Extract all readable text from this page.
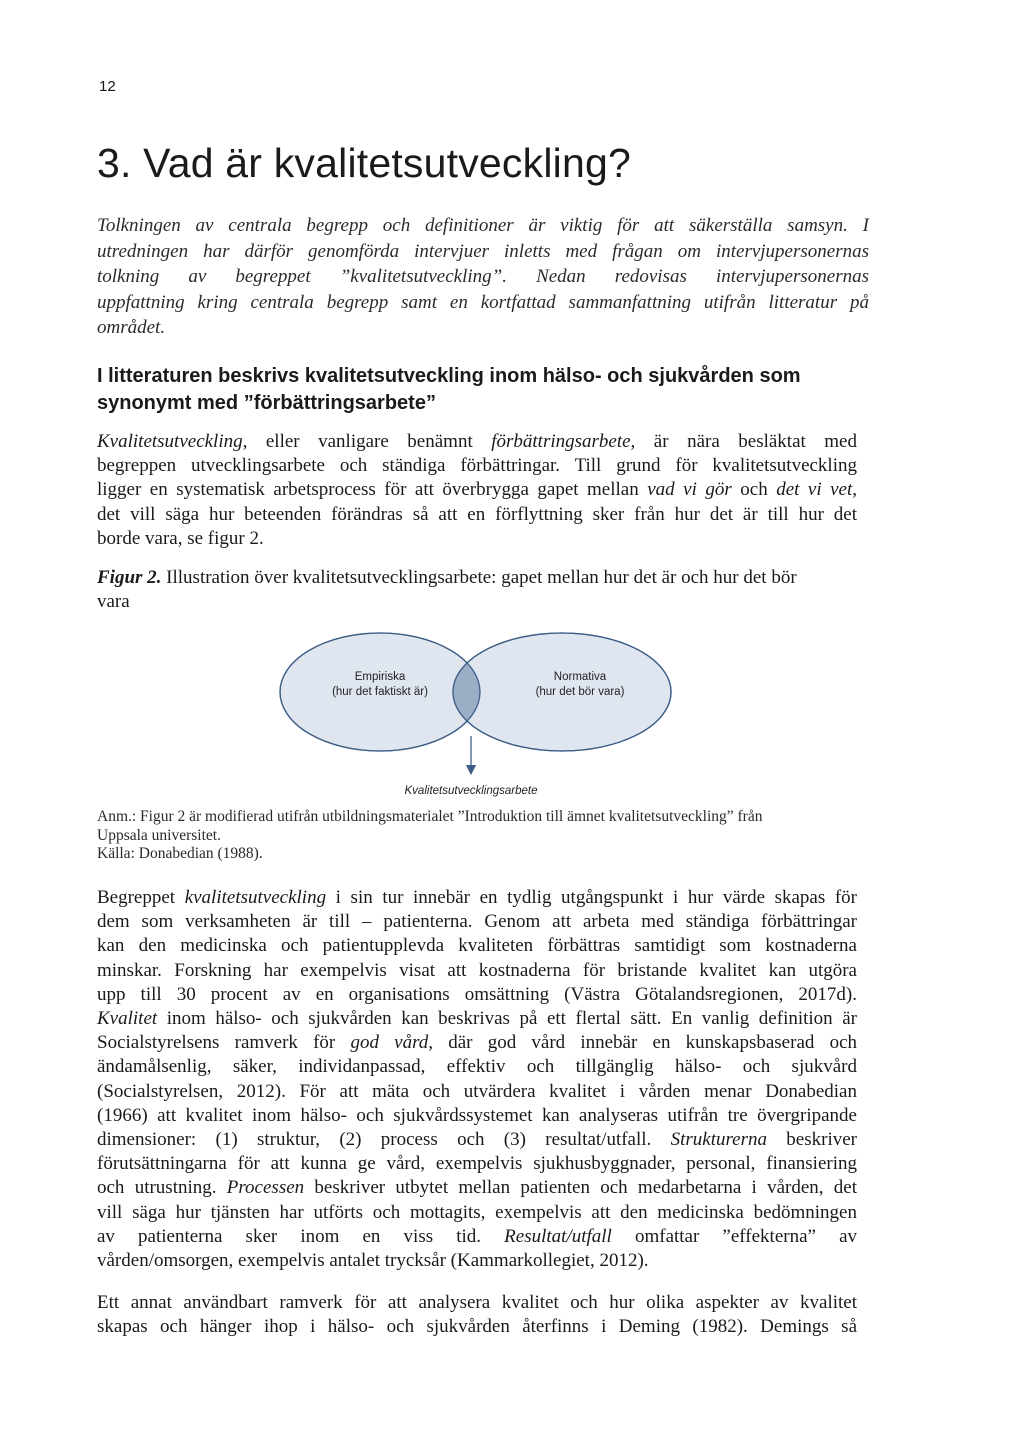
12
3. Vad är kvalitetsutveckling?
Tolkningen av centrala begrepp och definitioner är viktig för att säkerställa samsyn. I
utredningen har därför genomförda intervjuer inletts med frågan om intervjupersonernas
tolkning av begreppet ”kvalitetsutveckling”. Nedan redovisas intervjupersonernas
uppfattning kring centrala begrepp samt en kortfattad sammanfattning utifrån litteratur på
området.
I litteraturen beskrivs kvalitetsutveckling inom hälso- och sjukvården som
synonymt med ”förbättringsarbete”
Kvalitetsutveckling, eller vanligare benämnt förbättringsarbete, är nära besläktat med
begreppen utvecklingsarbete och ständiga förbättringar. Till grund för kvalitetsutveckling
ligger en systematisk arbetsprocess för att överbrygga gapet mellan vad vi gör och det vi vet,
det vill säga hur beteenden förändras så att en förflyttning sker från hur det är till hur det
borde vara, se figur 2.

Figur 2. Illustration över kvalitetsutvecklingsarbete: gapet mellan hur det är och hur det bör
vara

Empiriska
(hur det faktiskt är)
Normativa
(hur det bör vara)
Kvalitetsutvecklingsarbete

Anm.: Figur 2 är modifierad utifrån utbildningsmaterialet ”Introduktion till ämnet kvalitetsutveckling” från
Uppsala universitet.
Källa: Donabedian (1988).

Begreppet kvalitetsutveckling i sin tur innebär en tydlig utgångspunkt i hur värde skapas för
dem som verksamheten är till – patienterna. Genom att arbeta med ständiga förbättringar
kan den medicinska och patientupplevda kvaliteten förbättras samtidigt som kostnaderna
minskar. Forskning har exempelvis visat att kostnaderna för bristande kvalitet kan utgöra
upp till 30 procent av en organisations omsättning (Västra Götalandsregionen, 2017d).
Kvalitet inom hälso- och sjukvården kan beskrivas på ett flertal sätt. En vanlig definition är
Socialstyrelsens ramverk för god vård, där god vård innebär en kunskapsbaserad och
ändamålsenlig, säker, individanpassad, effektiv och tillgänglig hälso- och sjukvård
(Socialstyrelsen, 2012). För att mäta och utvärdera kvalitet i vården menar Donabedian
(1966) att kvalitet inom hälso- och sjukvårdssystemet kan analyseras utifrån tre övergripande
dimensioner: (1) struktur, (2) process och (3) resultat/utfall. Strukturerna beskriver
förutsättningarna för att kunna ge vård, exempelvis sjukhusbyggnader, personal, finansiering
och utrustning. Processen beskriver utbytet mellan patienten och medarbetarna i vården, det
vill säga hur tjänsten har utförts och mottagits, exempelvis att den medicinska bedömningen
av patienterna sker inom en viss tid. Resultat/utfall omfattar ”effekterna” av
vården/omsorgen, exempelvis antalet trycksår (Kammarkollegiet, 2012).
Ett annat användbart ramverk för att analysera kvalitet och hur olika aspekter av kvalitet
skapas och hänger ihop i hälso- och sjukvården återfinns i Deming (1982). Demings så
